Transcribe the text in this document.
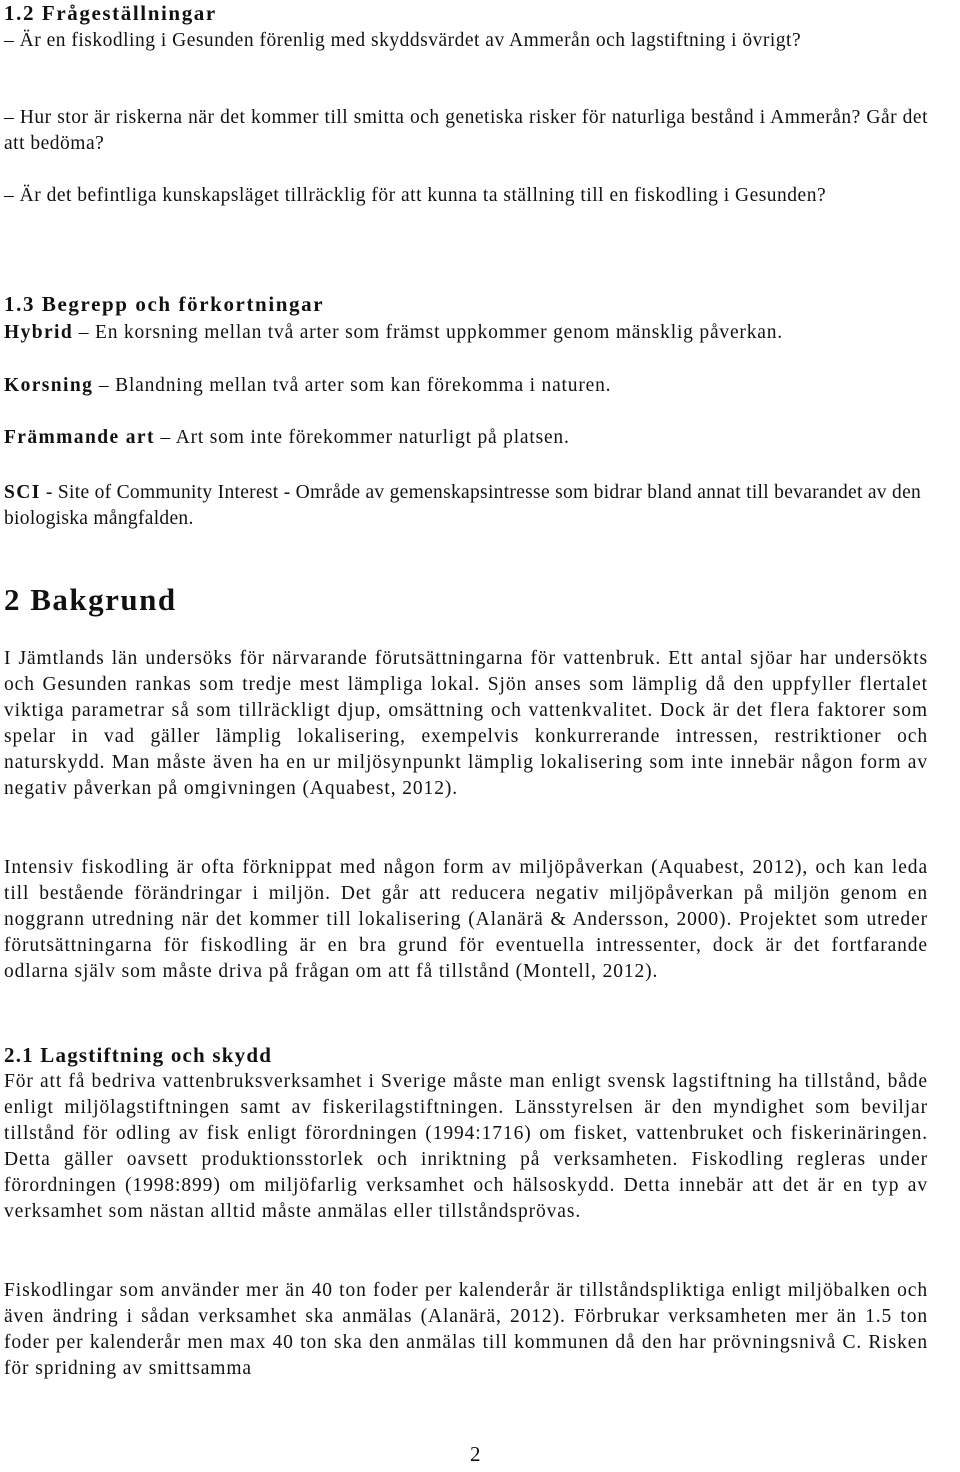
1.2 Frågeställningar

– Är en fiskodling i Gesunden förenlig med skyddsvärdet av Ammerån och lagstiftning i övrigt?

– Hur stor är riskerna när det kommer till smitta och genetiska risker för naturliga bestånd i Ammerån? Går det att bedöma?

– Är det befintliga kunskapsläget tillräcklig för att kunna ta ställning till en fiskodling i Gesunden?

1.3 Begrepp och förkortningar

Hybrid – En korsning mellan två arter som främst uppkommer genom mänsklig påverkan.

Korsning – Blandning mellan två arter som kan förekomma i naturen.

Främmande art – Art som inte förekommer naturligt på platsen.

SCI - Site of Community Interest - Område av gemenskapsintresse som bidrar bland annat till bevarandet av den biologiska mångfalden.

2 Bakgrund

I Jämtlands län undersöks för närvarande förutsättningarna för vattenbruk. Ett antal sjöar har undersökts och Gesunden rankas som tredje mest lämpliga lokal. Sjön anses som lämplig då den uppfyller flertalet viktiga parametrar så som tillräckligt djup, omsättning och vattenkvalitet. Dock är det flera faktorer som spelar in vad gäller lämplig lokalisering, exempelvis konkurrerande intressen, restriktioner och naturskydd. Man måste även ha en ur miljösynpunkt lämplig lokalisering som inte innebär någon form av negativ påverkan på omgivningen (Aquabest, 2012).

Intensiv fiskodling är ofta förknippat med någon form av miljöpåverkan (Aquabest, 2012), och kan leda till bestående förändringar i miljön. Det går att reducera negativ miljöpåverkan på miljön genom en noggrann utredning när det kommer till lokalisering (Alanärä & Andersson, 2000). Projektet som utreder förutsättningarna för fiskodling är en bra grund för eventuella intressenter, dock är det fortfarande odlarna själv som måste driva på frågan om att få tillstånd (Montell, 2012).

2.1 Lagstiftning och skydd

För att få bedriva vattenbruksverksamhet i Sverige måste man enligt svensk lagstiftning ha tillstånd, både enligt miljölagstiftningen samt av fiskerilagstiftningen. Länsstyrelsen är den myndighet som beviljar tillstånd för odling av fisk enligt förordningen (1994:1716) om fisket, vattenbruket och fiskerinäringen. Detta gäller oavsett produktionsstorlek och inriktning på verksamheten. Fiskodling regleras under förordningen (1998:899) om miljöfarlig verksamhet och hälsoskydd. Detta innebär att det är en typ av verksamhet som nästan alltid måste anmälas eller tillståndsprövas.

Fiskodlingar som använder mer än 40 ton foder per kalenderår är tillståndspliktiga enligt miljöbalken och även ändring i sådan verksamhet ska anmälas (Alanärä, 2012). Förbrukar verksamheten mer än 1.5 ton foder per kalenderår men max 40 ton ska den anmälas till kommunen då den har prövningsnivå C. Risken för spridning av smittsamma

2
